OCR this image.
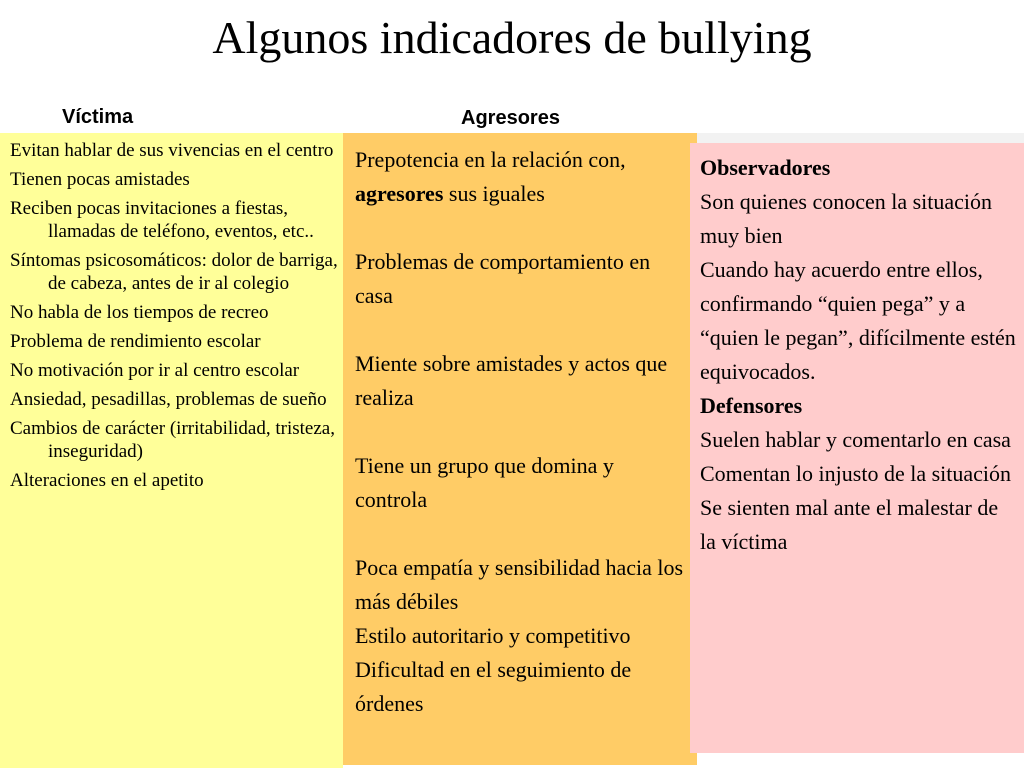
Algunos indicadores de bullying
Víctima	Agresores
Evitan hablar de sus vivencias en el centro
Tienen pocas amistades
Reciben pocas invitaciones a fiestas, llamadas de teléfono, eventos, etc..
Síntomas psicosomáticos: dolor de barriga, de cabeza, antes de ir al colegio
No habla de los tiempos de recreo
Problema de rendimiento escolar
No motivación por ir al centro escolar
Ansiedad, pesadillas, problemas de sueño
Cambios de carácter (irritabilidad, tristeza, inseguridad)
Alteraciones en el apetito
Prepotencia en la relación con,  agresores sus iguales
Problemas de comportamiento en casa
Miente sobre amistades y actos que realiza
Tiene un grupo que domina y controla
Poca empatía y sensibilidad hacia los más débiles
Estilo autoritario y competitivo
Dificultad en el seguimiento de órdenes
Observadores
Son quienes conocen la situación muy bien
Cuando hay acuerdo entre ellos, confirmando “quien pega” y a “quien le pegan”, difícilmente estén equivocados.
Defensores
Suelen hablar y comentarlo en casa
Comentan lo injusto de la situación
Se sienten mal ante el malestar de la víctima
